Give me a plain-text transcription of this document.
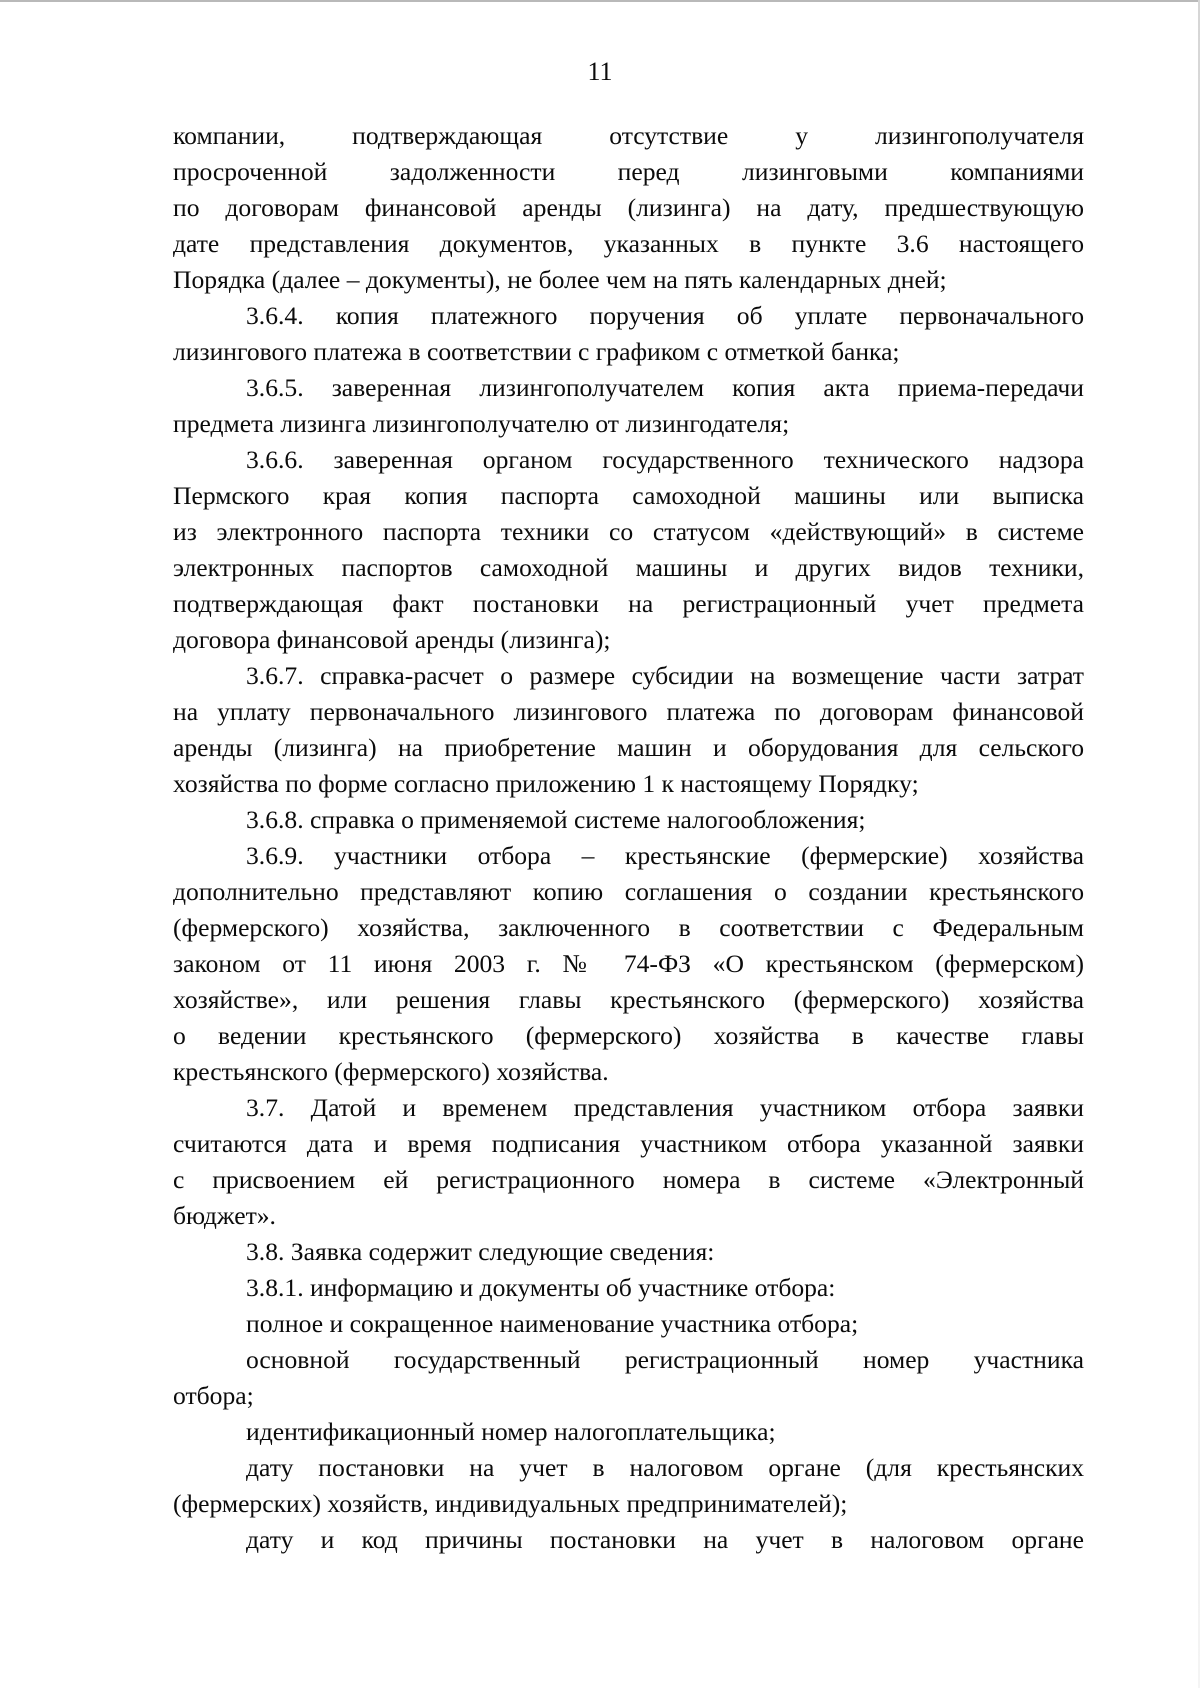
11
компании, подтверждающая отсутствие у лизингополучателя
просроченной задолженности перед лизинговыми компаниями
по договорам финансовой аренды (лизинга) на дату, предшествующую
дате представления документов, указанных в пункте 3.6 настоящего
Порядка (далее – документы), не более чем на пять календарных дней;
3.6.4. копия платежного поручения об уплате первоначального
лизингового платежа в соответствии с графиком с отметкой банка;
3.6.5. заверенная лизингополучателем копия акта приема-передачи
предмета лизинга лизингополучателю от лизингодателя;
3.6.6. заверенная органом государственного технического надзора
Пермского края копия паспорта самоходной машины или выписка
из электронного паспорта техники со статусом «действующий» в системе
электронных паспортов самоходной машины и других видов техники,
подтверждающая факт постановки на регистрационный учет предмета
договора финансовой аренды (лизинга);
3.6.7. справка-расчет о размере субсидии на возмещение части затрат
на уплату первоначального лизингового платежа по договорам финансовой
аренды (лизинга) на приобретение машин и оборудования для сельского
хозяйства по форме согласно приложению 1 к настоящему Порядку;
3.6.8. справка о применяемой системе налогообложения;
3.6.9. участники отбора – крестьянские (фермерские) хозяйства
дополнительно представляют копию соглашения о создании крестьянского
(фермерского) хозяйства, заключенного в соответствии с Федеральным
законом от 11 июня 2003 г. № 74-ФЗ «О крестьянском (фермерском)
хозяйстве», или решения главы крестьянского (фермерского) хозяйства
о ведении крестьянского (фермерского) хозяйства в качестве главы
крестьянского (фермерского) хозяйства.
3.7. Датой и временем представления участником отбора заявки
считаются дата и время подписания участником отбора указанной заявки
с присвоением ей регистрационного номера в системе «Электронный
бюджет».
3.8. Заявка содержит следующие сведения:
3.8.1. информацию и документы об участнике отбора:
полное и сокращенное наименование участника отбора;
основной государственный регистрационный номер участника
отбора;
идентификационный номер налогоплательщика;
дату постановки на учет в налоговом органе (для крестьянских
(фермерских) хозяйств, индивидуальных предпринимателей);
дату и код причины постановки на учет в налоговом органе
